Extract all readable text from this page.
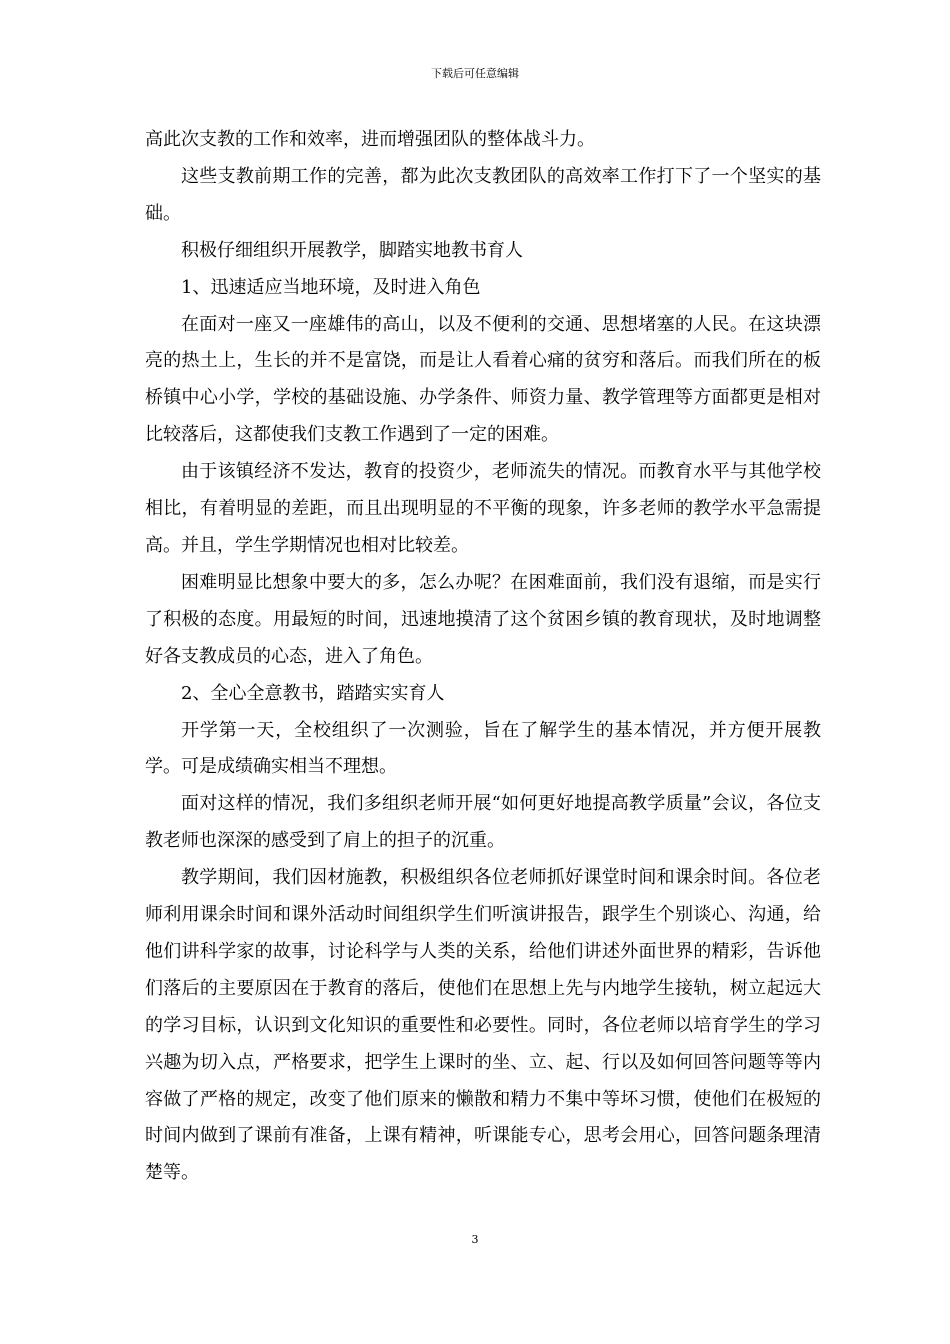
下载后可任意编辑

高此次支教的工作和效率，进而增强团队的整体战斗力。

这些支教前期工作的完善，都为此次支教团队的高效率工作打下了一个坚实的基础。

积极仔细组织开展教学，脚踏实地教书育人

1、迅速适应当地环境，及时进入角色

在面对一座又一座雄伟的高山，以及不便利的交通、思想堵塞的人民。在这块漂亮的热土上，生长的并不是富饶，而是让人看着心痛的贫穷和落后。而我们所在的板桥镇中心小学，学校的基础设施、办学条件、师资力量、教学管理等方面都更是相对比较落后，这都使我们支教工作遇到了一定的困难。

由于该镇经济不发达，教育的投资少，老师流失的情况。而教育水平与其他学校相比，有着明显的差距，而且出现明显的不平衡的现象，许多老师的教学水平急需提高。并且，学生学期情况也相对比较差。

困难明显比想象中要大的多，怎么办呢？在困难面前，我们没有退缩，而是实行了积极的态度。用最短的时间，迅速地摸清了这个贫困乡镇的教育现状，及时地调整好各支教成员的心态，进入了角色。

2、全心全意教书，踏踏实实育人

开学第一天，全校组织了一次测验，旨在了解学生的基本情况，并方便开展教学。可是成绩确实相当不理想。

面对这样的情况，我们多组织老师开展“如何更好地提高教学质量”会议，各位支教老师也深深的感受到了肩上的担子的沉重。

教学期间，我们因材施教，积极组织各位老师抓好课堂时间和课余时间。各位老师利用课余时间和课外活动时间组织学生们听演讲报告，跟学生个别谈心、沟通，给他们讲科学家的故事，讨论科学与人类的关系，给他们讲述外面世界的精彩，告诉他们落后的主要原因在于教育的落后，使他们在思想上先与内地学生接轨，树立起远大的学习目标，认识到文化知识的重要性和必要性。同时，各位老师以培育学生的学习兴趣为切入点，严格要求，把学生上课时的坐、立、起、行以及如何回答问题等等内容做了严格的规定，改变了他们原来的懒散和精力不集中等坏习惯，使他们在极短的时间内做到了课前有准备，上课有精神，听课能专心，思考会用心，回答问题条理清楚等。

3
